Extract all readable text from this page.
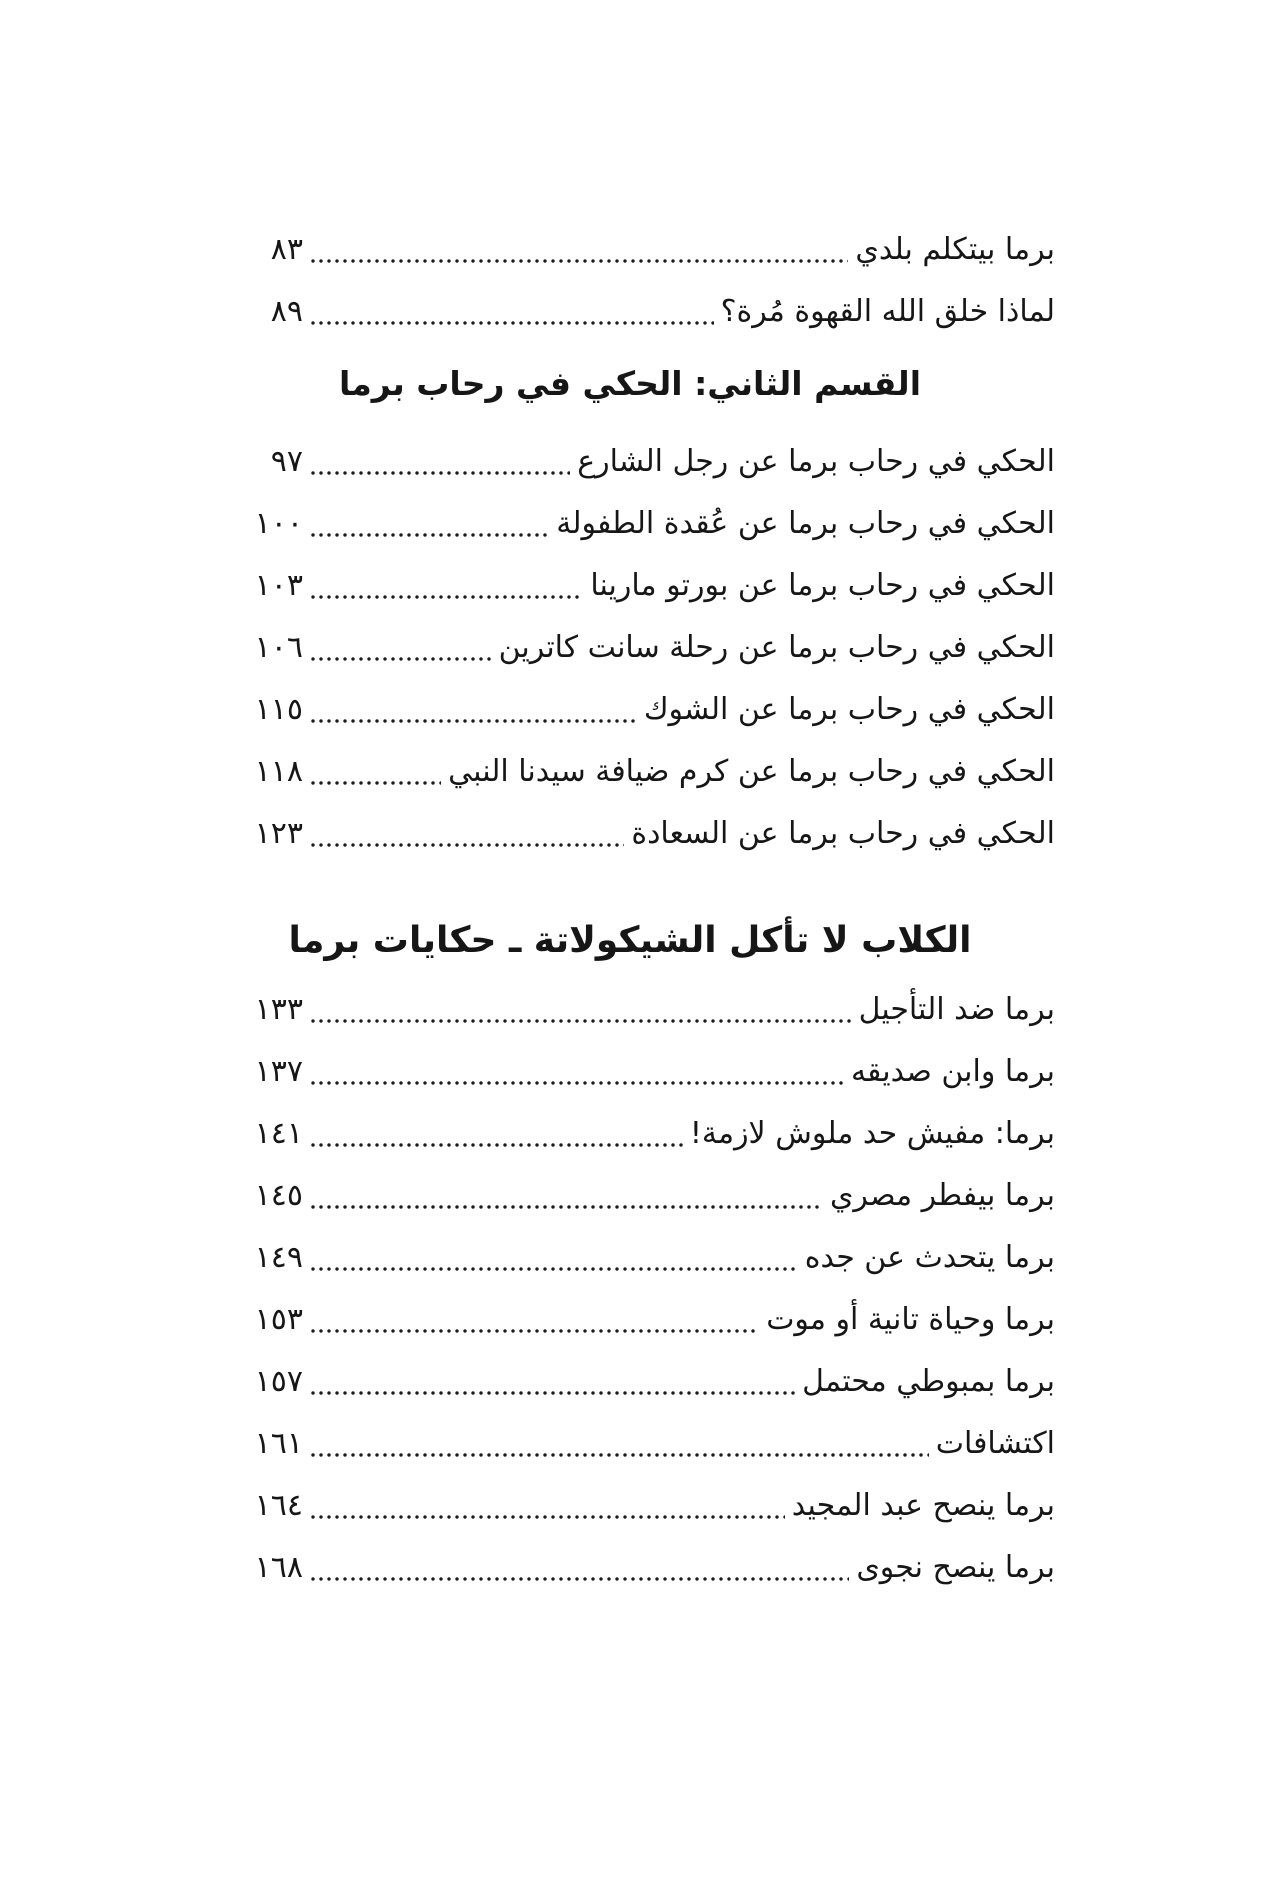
برما بيتكلم بلدي
٨٣
لماذا خلق الله القهوة مُرة؟
٨٩
القسم الثاني: الحكي في رحاب برما
الحكي في رحاب برما عن رجل الشارع
٩٧
الحكي في رحاب برما عن عُقدة الطفولة
١٠٠
الحكي في رحاب برما عن بورتو مارينا
١٠٣
الحكي في رحاب برما عن رحلة سانت كاترين
١٠٦
الحكي في رحاب برما عن الشوك
١١٥
الحكي في رحاب برما عن كرم ضيافة سيدنا النبي
١١٨
الحكي في رحاب برما عن السعادة
١٢٣
الكلاب لا تأكل الشيكولاتة ـ حكايات برما
برما ضد التأجيل
١٣٣
برما وابن صديقه
١٣٧
برما: مفيش حد ملوش لازمة!
١٤١
برما بيفطر مصري
١٤٥
برما يتحدث عن جده
١٤٩
برما وحياة تانية أو موت
١٥٣
برما بمبوطي محتمل
١٥٧
اكتشافات
١٦١
برما ينصح عبد المجيد
١٦٤
برما ينصح نجوى
١٦٨
